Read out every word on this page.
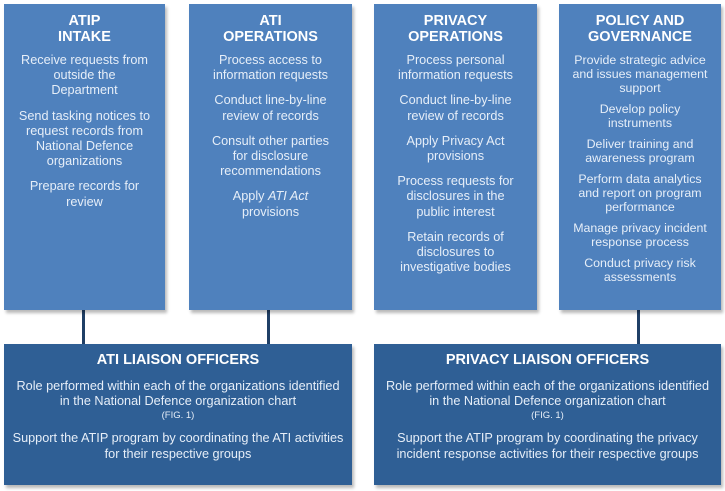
ATIP
INTAKE
Receive requests from
outside the
Department
Send tasking notices to
request records from
National Defence
organizations
Prepare records for
review
ATI
OPERATIONS
Process access to
information requests
Conduct line-by-line
review of records
Consult other parties
for disclosure
recommendations
Apply ATI Act
provisions
PRIVACY
OPERATIONS
Process personal
information requests
Conduct line-by-line
review of records
Apply Privacy Act
provisions
Process requests for
disclosures in the
public interest
Retain records of
disclosures to
investigative bodies
POLICY AND
GOVERNANCE
Provide strategic advice
and issues management
support
Develop policy
instruments
Deliver training and
awareness program
Perform data analytics
and report on program
performance
Manage privacy incident
response process
Conduct privacy risk
assessments
ATI LIAISON OFFICERS
Role performed within each of the organizations identified in the National Defence organization chart
(FIG. 1)
Support the ATIP program by coordinating the ATI activities for their respective groups
PRIVACY LIAISON OFFICERS
Role performed within each of the organizations identified in the National Defence organization chart
(FIG. 1)
Support the ATIP program by coordinating the privacy incident response activities for their respective groups
